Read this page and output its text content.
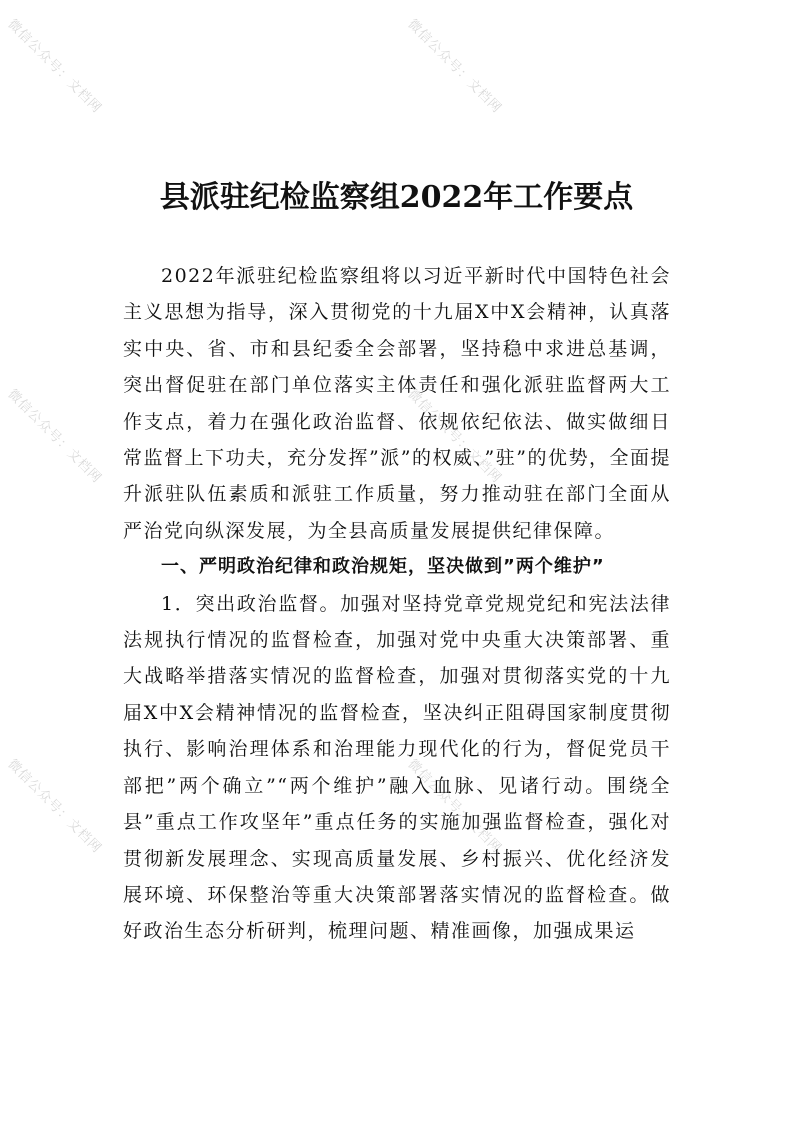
微信公众号：文档网	微信公众号：文档网
微信公众号：文档网	微信公众号：文档网
微信公众号：文档网	微信公众号：文档网
县派驻纪检监察组2022年工作要点

2022年派驻纪检监察组将以习近平新时代中国特色社会主义思想为指导，深入贯彻党的十九届X中X会精神，认真落实中央、省、市和县纪委全会部署，坚持稳中求进总基调，突出督促驻在部门单位落实主体责任和强化派驻监督两大工作支点，着力在强化政治监督、依规依纪依法、做实做细日常监督上下功夫，充分发挥”派”的权威、”驻”的优势，全面提升派驻队伍素质和派驻工作质量，努力推动驻在部门全面从严治党向纵深发展，为全县高质量发展提供纪律保障。

一、严明政治纪律和政治规矩，坚决做到”两个维护”

1．突出政治监督。加强对坚持党章党规党纪和宪法法律法规执行情况的监督检查，加强对党中央重大决策部署、重大战略举措落实情况的监督检查，加强对贯彻落实党的十九届X中X会精神情况的监督检查，坚决纠正阻碍国家制度贯彻执行、影响治理体系和治理能力现代化的行为，督促党员干部把”两个确立”“两个维护”融入血脉、见诸行动。围绕全县”重点工作攻坚年”重点任务的实施加强监督检查，强化对贯彻新发展理念、实现高质量发展、乡村振兴、优化经济发展环境、环保整治等重大决策部署落实情况的监督检查。做好政治生态分析研判，梳理问题、精准画像，加强成果运
